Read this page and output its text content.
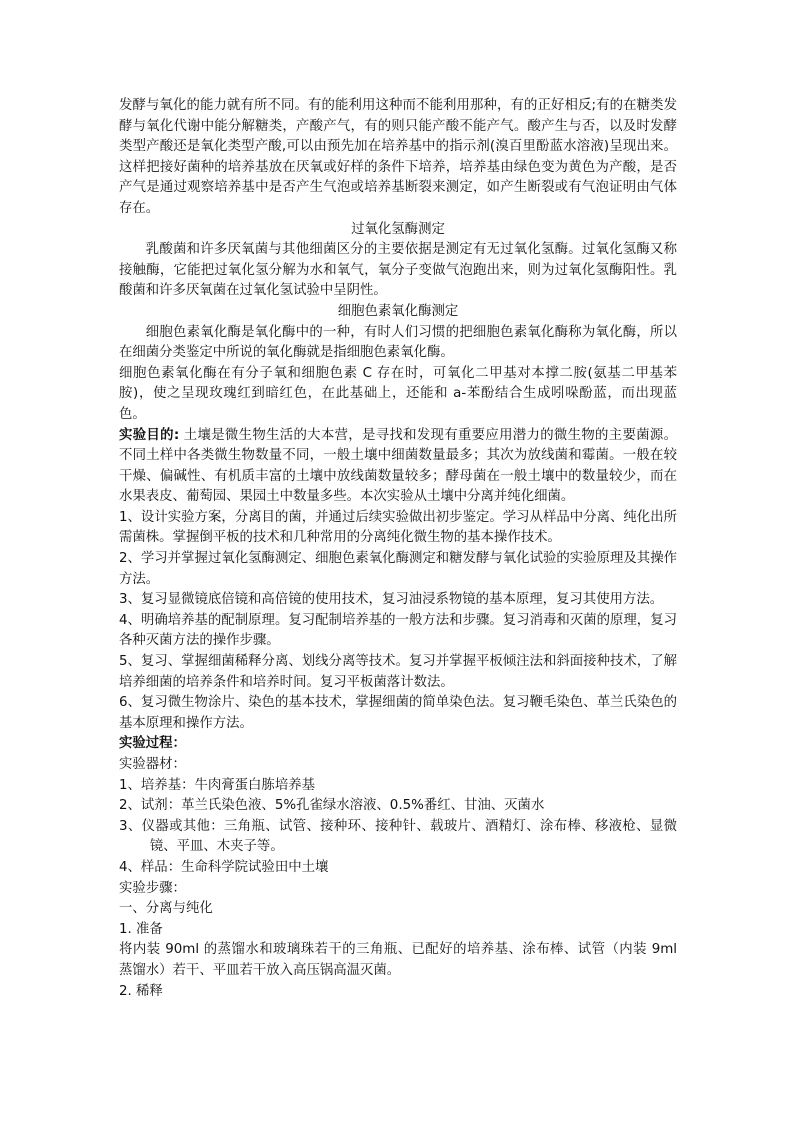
发酵与氧化的能力就有所不同。有的能利用这种而不能利用那种，有的正好相反;有的在糖类发酵与氧化代谢中能分解糖类，产酸产气，有的则只能产酸不能产气。酸产生与否，以及时发酵类型产酸还是氧化类型产酸,可以由预先加在培养基中的指示剂(溴百里酚蓝水溶液)呈现出来。这样把接好菌种的培养基放在厌氧或好样的条件下培养，培养基由绿色变为黄色为产酸，是否产气是通过观察培养基中是否产生气泡或培养基断裂来测定，如产生断裂或有气泡证明由气体存在。

过氧化氢酶测定

乳酸菌和许多厌氧菌与其他细菌区分的主要依据是测定有无过氧化氢酶。过氧化氢酶又称接触酶，它能把过氧化氢分解为水和氧气，氧分子变做气泡跑出来，则为过氧化氢酶阳性。乳酸菌和许多厌氧菌在过氧化氢试验中呈阴性。

细胞色素氧化酶测定

细胞色素氧化酶是氧化酶中的一种，有时人们习惯的把细胞色素氧化酶称为氧化酶，所以在细菌分类鉴定中所说的氧化酶就是指细胞色素氧化酶。

细胞色素氧化酶在有分子氧和细胞色素 C 存在时，可氧化二甲基对本撑二胺(氨基二甲基苯胺)，使之呈现玫瑰红到暗红色，在此基础上，还能和 a-苯酚结合生成吲哚酚蓝，而出现蓝色。

实验目的: 土壤是微生物生活的大本营，是寻找和发现有重要应用潜力的微生物的主要菌源。不同土样中各类微生物数量不同，一般土壤中细菌数量最多；其次为放线菌和霉菌。一般在较干燥、偏碱性、有机质丰富的土壤中放线菌数量较多；酵母菌在一般土壤中的数量较少，而在水果表皮、葡萄园、果园土中数量多些。本次实验从土壤中分离并纯化细菌。

1、设计实验方案，分离目的菌，并通过后续实验做出初步鉴定。学习从样品中分离、纯化出所需菌株。掌握倒平板的技术和几种常用的分离纯化微生物的基本操作技术。

2、学习并掌握过氧化氢酶测定、细胞色素氧化酶测定和糖发酵与氧化试验的实验原理及其操作方法。

3、复习显微镜底倍镜和高倍镜的使用技术，复习油浸系物镜的基本原理，复习其使用方法。

4、明确培养基的配制原理。复习配制培养基的一般方法和步骤。复习消毒和灭菌的原理，复习各种灭菌方法的操作步骤。

5、复习、掌握细菌稀释分离、划线分离等技术。复习并掌握平板倾注法和斜面接种技术，了解培养细菌的培养条件和培养时间。复习平板菌落计数法。

6、复习微生物涂片、染色的基本技术，掌握细菌的简单染色法。复习鞭毛染色、革兰氏染色的基本原理和操作方法。

实验过程：

实验器材：

1、培养基：牛肉膏蛋白胨培养基

2、试剂：革兰氏染色液、5%孔雀绿水溶液、0.5%番红、甘油、灭菌水

3、仪器或其他：三角瓶、试管、接种环、接种针、载玻片、酒精灯、涂布棒、移液枪、显微镜、平皿、木夹子等。

4、样品：生命科学院试验田中土壤

实验步骤：

一、分离与纯化

1. 准备

将内装 90ml 的蒸馏水和玻璃珠若干的三角瓶、已配好的培养基、涂布棒、试管（内装 9ml 蒸馏水）若干、平皿若干放入高压锅高温灭菌。

2. 稀释
